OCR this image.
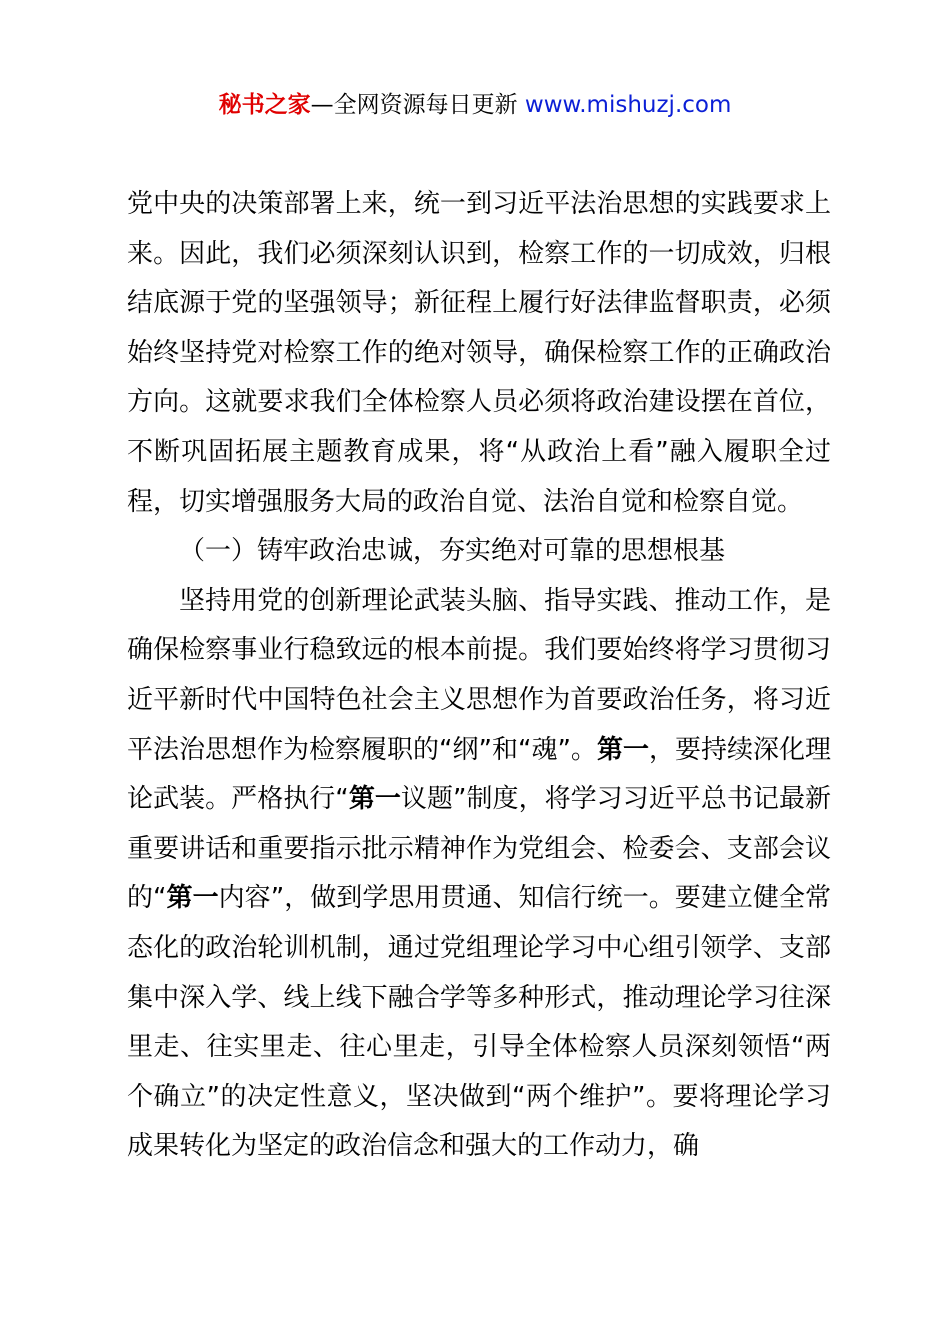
秘书之家—全网资源每日更新 www.mishuzj.com

党中央的决策部署上来，统一到习近平法治思想的实践要求上来。因此，我们必须深刻认识到，检察工作的一切成效，归根结底源于党的坚强领导；新征程上履行好法律监督职责，必须始终坚持党对检察工作的绝对领导，确保检察工作的正确政治方向。这就要求我们全体检察人员必须将政治建设摆在首位，不断巩固拓展主题教育成果，将“从政治上看”融入履职全过程，切实增强服务大局的政治自觉、法治自觉和检察自觉。

（一）铸牢政治忠诚，夯实绝对可靠的思想根基

坚持用党的创新理论武装头脑、指导实践、推动工作，是确保检察事业行稳致远的根本前提。我们要始终将学习贯彻习近平新时代中国特色社会主义思想作为首要政治任务，将习近平法治思想作为检察履职的“纲”和“魂”。第一，要持续深化理论武装。严格执行“第一议题”制度，将学习习近平总书记最新重要讲话和重要指示批示精神作为党组会、检委会、支部会议的“第一内容”，做到学思用贯通、知信行统一。要建立健全常态化的政治轮训机制，通过党组理论学习中心组引领学、支部集中深入学、线上线下融合学等多种形式，推动理论学习往深里走、往实里走、往心里走，引导全体检察人员深刻领悟“两个确立”的决定性意义，坚决做到“两个维护”。要将理论学习成果转化为坚定的政治信念和强大的工作动力，确
